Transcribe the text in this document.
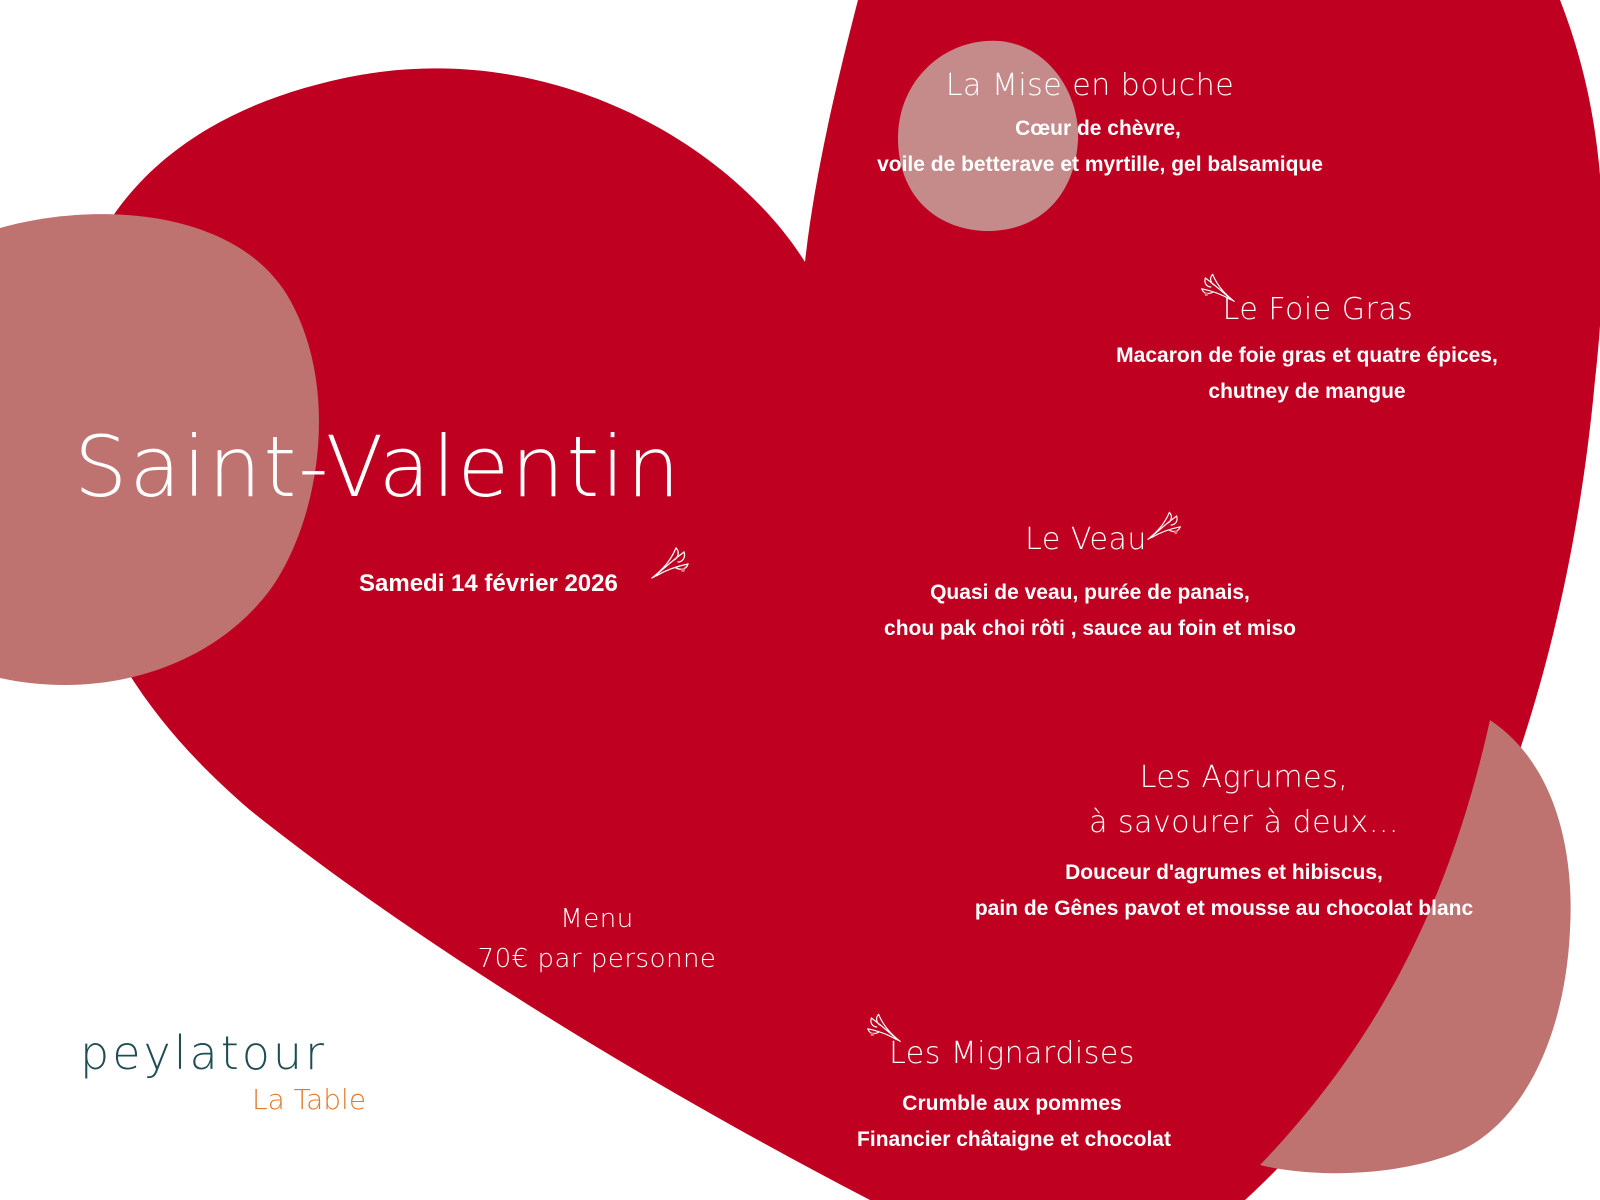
Saint-Valentin
Samedi 14 février 2026
Menu
70€ par personne
La Mise en bouche
Cœur de chèvre,
voile de betterave et myrtille, gel balsamique
Le Foie Gras
Macaron de foie gras et quatre épices,
chutney de mangue
Le Veau
Quasi de veau, purée de panais,
chou pak choi rôti , sauce au foin et miso
Les Agrumes,
à savourer à deux...
Douceur d'agrumes et hibiscus,
pain de Gênes pavot et mousse au chocolat blanc
Les Mignardises
Crumble aux pommes
Financier châtaigne et chocolat
peylatour
La Table
